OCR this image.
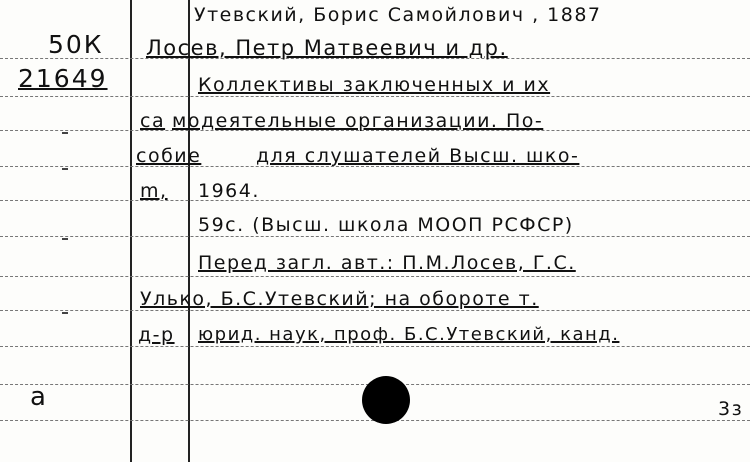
Утевский, Борис Самойлович , 1887
50К
21649
Лосев, Петр Матвеевич и др.
Коллективы заключенных и их
са модеятельные организации. По-
собие	для слушателей Высш. шко-
m, 1964.
59с. (Высш. школа МООП РСФСР)
Перед загл. авт.: П.М.Лосев, Г.С.
Улько, Б.С.Утевский; на обороте т.
д-р юрид. наук, проф. Б.С.Утевский, канд.
а	3з
